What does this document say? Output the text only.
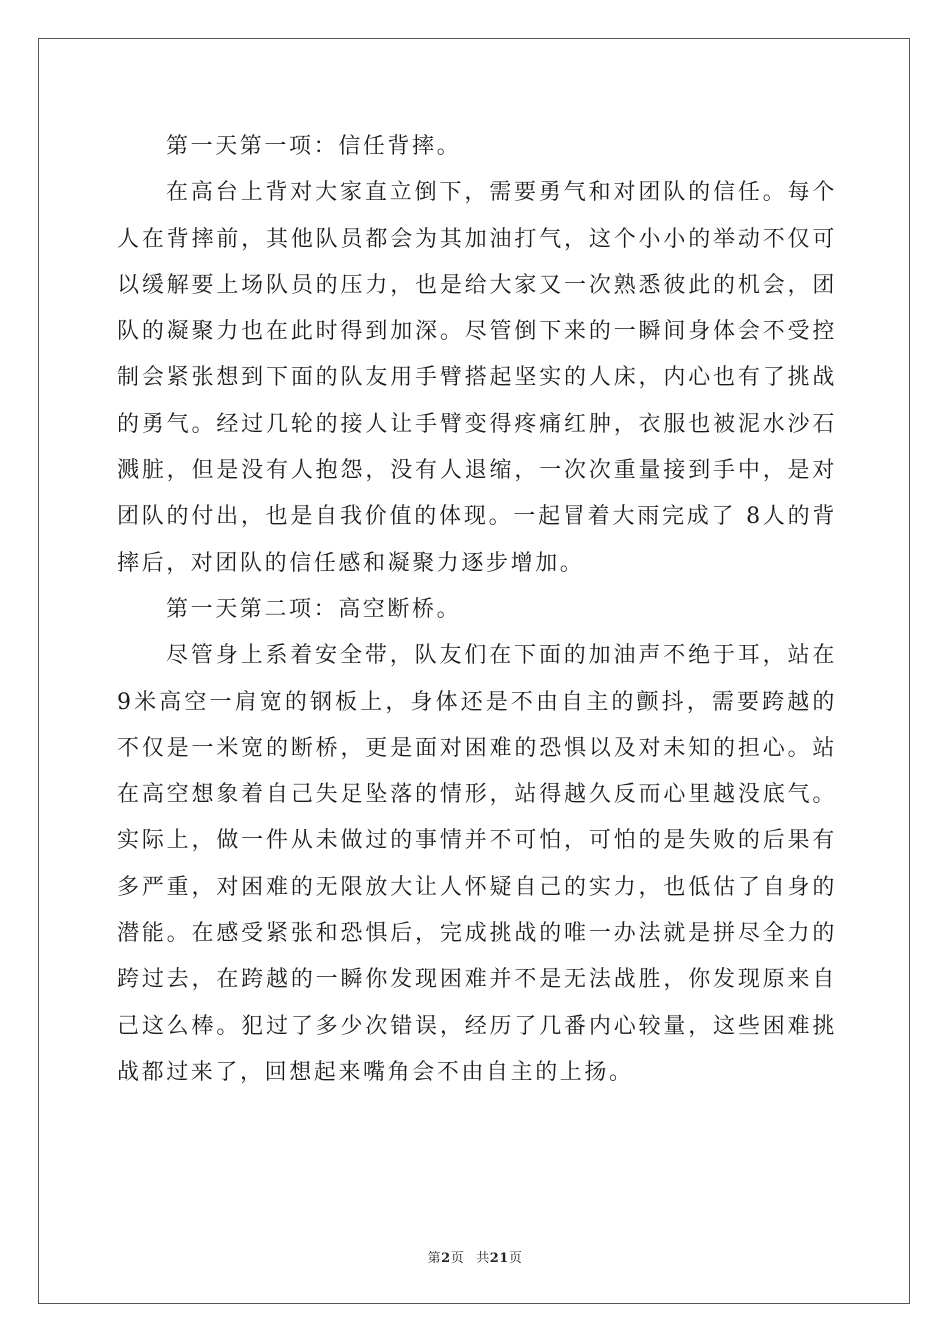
第一天第一项：信任背摔。

在高台上背对大家直立倒下，需要勇气和对团队的信任。每个人在背摔前，其他队员都会为其加油打气，这个小小的举动不仅可以缓解要上场队员的压力，也是给大家又一次熟悉彼此的机会，团队的凝聚力也在此时得到加深。尽管倒下来的一瞬间身体会不受控制会紧张想到下面的队友用手臂搭起坚实的人床，内心也有了挑战的勇气。经过几轮的接人让手臂变得疼痛红肿，衣服也被泥水沙石溅脏，但是没有人抱怨，没有人退缩，一次次重量接到手中，是对团队的付出，也是自我价值的体现。一起冒着大雨完成了 8人的背摔后，对团队的信任感和凝聚力逐步增加。

第一天第二项：高空断桥。

尽管身上系着安全带，队友们在下面的加油声不绝于耳，站在9米高空一肩宽的钢板上，身体还是不由自主的颤抖，需要跨越的不仅是一米宽的断桥，更是面对困难的恐惧以及对未知的担心。站在高空想象着自己失足坠落的情形，站得越久反而心里越没底气。实际上，做一件从未做过的事情并不可怕，可怕的是失败的后果有多严重，对困难的无限放大让人怀疑自己的实力，也低估了自身的潜能。在感受紧张和恐惧后，完成挑战的唯一办法就是拼尽全力的跨过去，在跨越的一瞬你发现困难并不是无法战胜，你发现原来自己这么棒。犯过了多少次错误，经历了几番内心较量，这些困难挑战都过来了，回想起来嘴角会不由自主的上扬。

第2页 共21页
